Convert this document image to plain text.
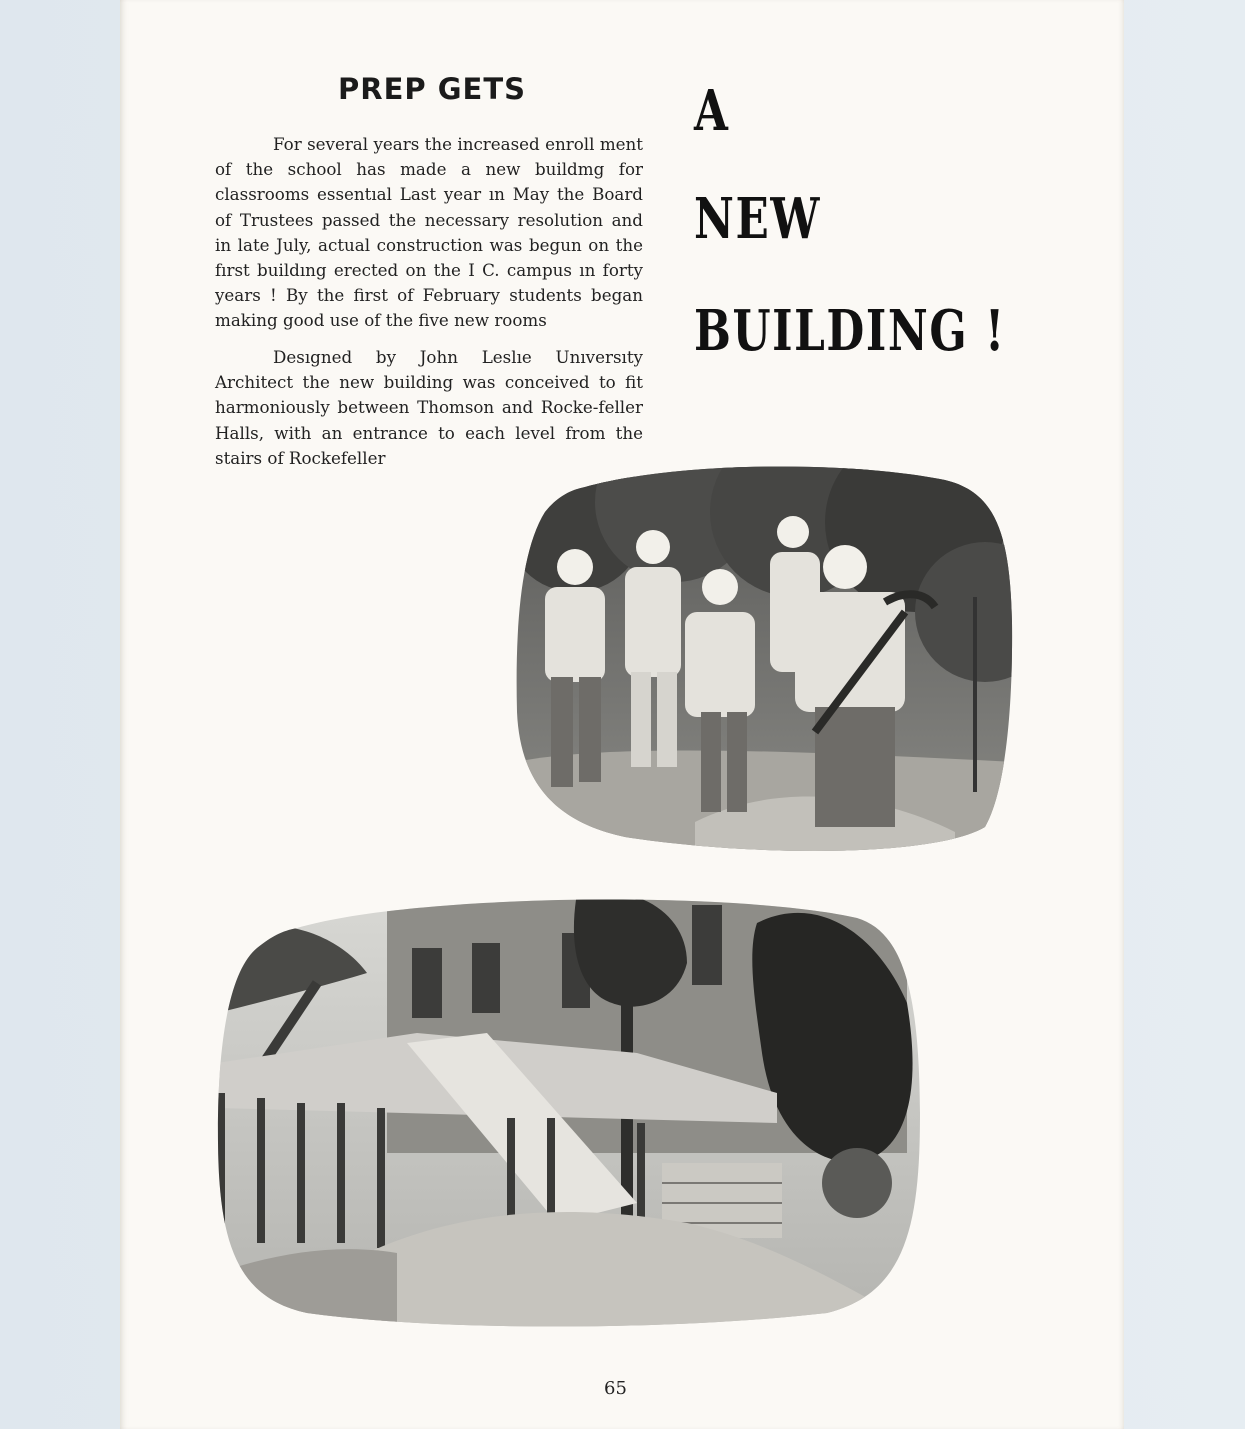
PREP GETS	A
NEW
BUILDING !

For several years the increased enroll ment of the school has made a new buildmg for classrooms essentıal Last year ın May the Board of Trustees passed the necessary resolution and in late July, actual construction was begun on the fırst buildıng erected on the I C. campus ın forty years ! By the first of February students began making good use of the five new rooms

Desıgned by John Leslıe Unıversıty Architect the new building was conceived to fit harmoniously between Thomson and Rocke-feller Halls, with an entrance to each level from the stairs of Rockefeller

65
